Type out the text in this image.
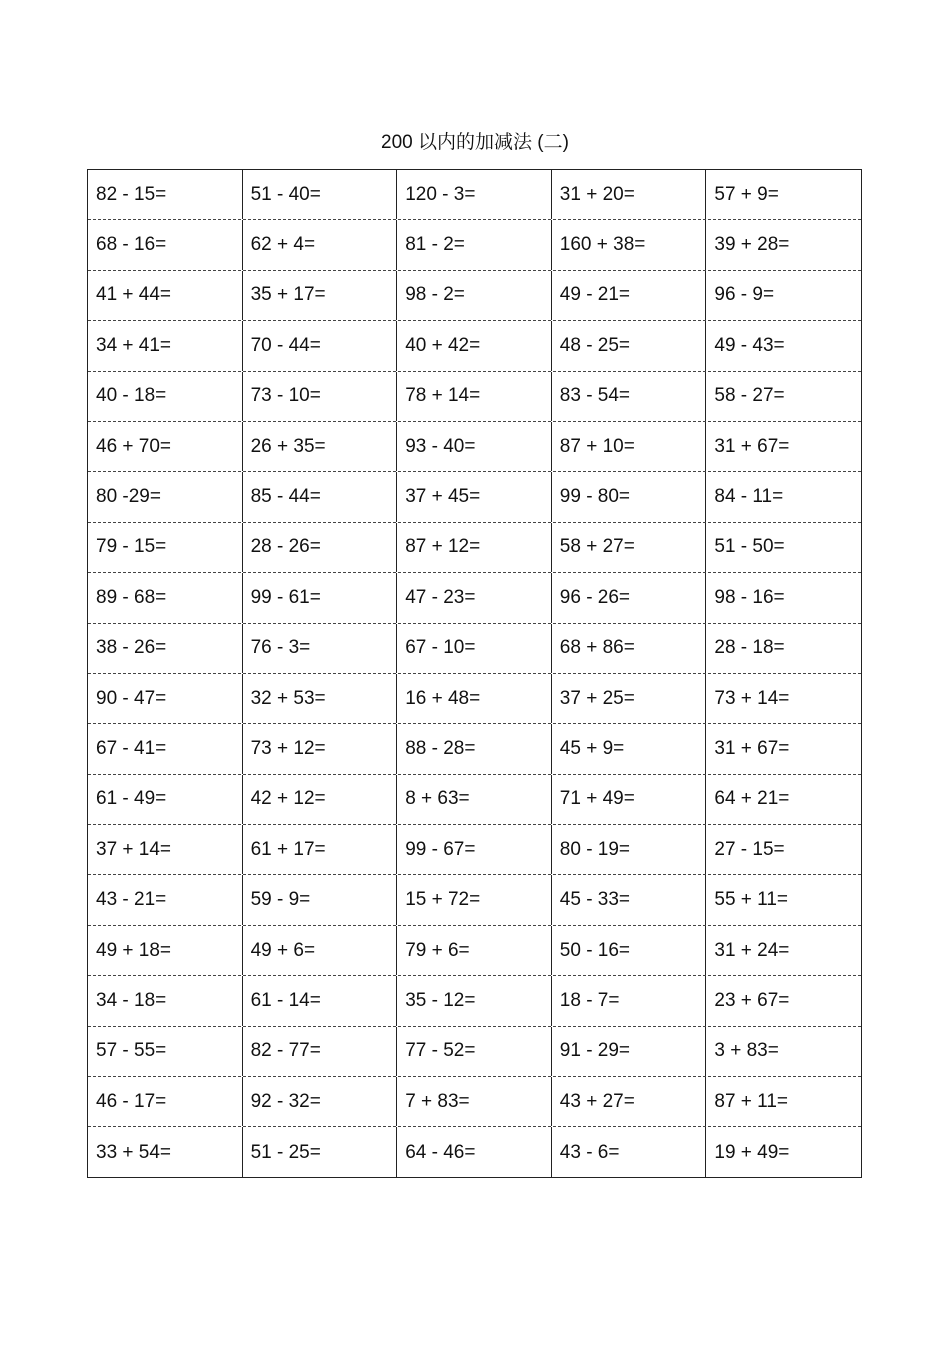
200 以内的加减法 (二)
82 - 15=	51 - 40=	120 - 3=	31 + 20=	57 + 9=
68 - 16=	62 + 4=	81 - 2=	160 + 38=	39 + 28=
41 + 44=	35 + 17=	98 - 2=	49 - 21=	96 - 9=
34 + 41=	70 - 44=	40 + 42=	48 - 25=	49 - 43=
40 - 18=	73 - 10=	78 + 14=	83 - 54=	58 - 27=
46 + 70=	26 + 35=	93 - 40=	87 + 10=	31 + 67=
80 -29=	85 - 44=	37 + 45=	99 - 80=	84 - 11=
79 - 15=	28 - 26=	87 + 12=	58 + 27=	51 - 50=
89 - 68=	99 - 61=	47 - 23=	96 - 26=	98 - 16=
38 - 26=	76 - 3=	67 - 10=	68 + 86=	28 - 18=
90 - 47=	32 + 53=	16 + 48=	37 + 25=	73 + 14=
67 - 41=	73 + 12=	88 - 28=	45 + 9=	31 + 67=
61 - 49=	42 + 12=	8 + 63=	71 + 49=	64 + 21=
37 + 14=	61 + 17=	99 - 67=	80 - 19=	27 - 15=
43 - 21=	59 - 9=	15 + 72=	45 - 33=	55 + 11=
49 + 18=	49 + 6=	79 + 6=	50 - 16=	31 + 24=
34 - 18=	61 - 14=	35 - 12=	18 - 7=	23 + 67=
57 - 55=	82 - 77=	77 - 52=	91 - 29=	3 + 83=
46 - 17=	92 - 32=	7 + 83=	43 + 27=	87 + 11=
33 + 54=	51 - 25=	64 - 46=	43 - 6=	19 + 49=
